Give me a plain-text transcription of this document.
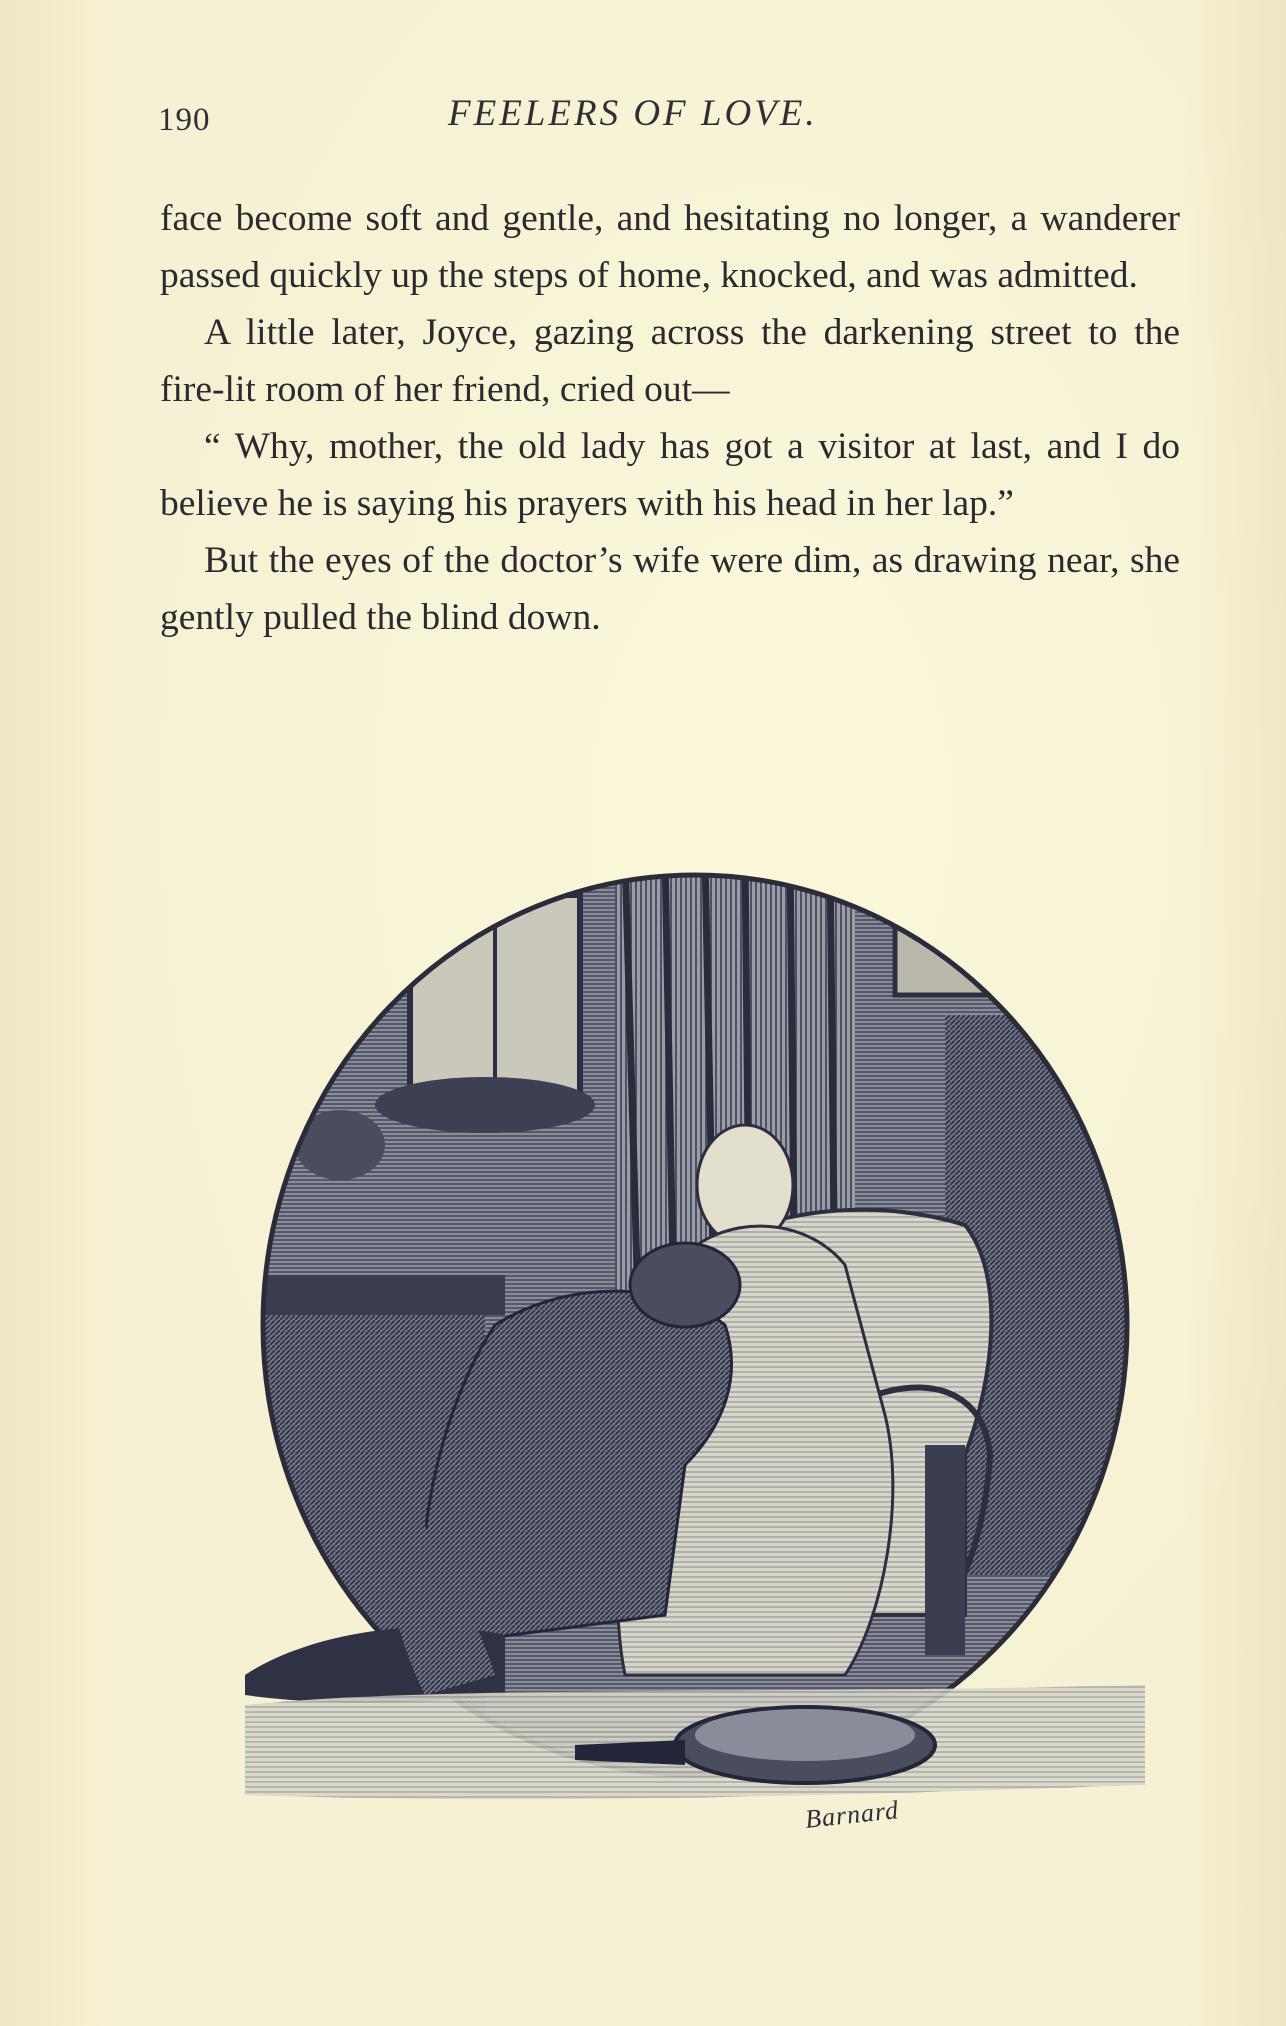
190	FEELERS OF LOVE.

face become soft and gentle, and hesitating no longer, a wanderer passed quickly up the steps of home, knocked, and was admitted.

A little later, Joyce, gazing across the darkening street to the fire-lit room of her friend, cried out—

“ Why, mother, the old lady has got a visitor at last, and I do believe he is saying his prayers with his head in her lap.”

But the eyes of the doctor’s wife were dim, as drawing near, she gently pulled the blind down.

Barnard
